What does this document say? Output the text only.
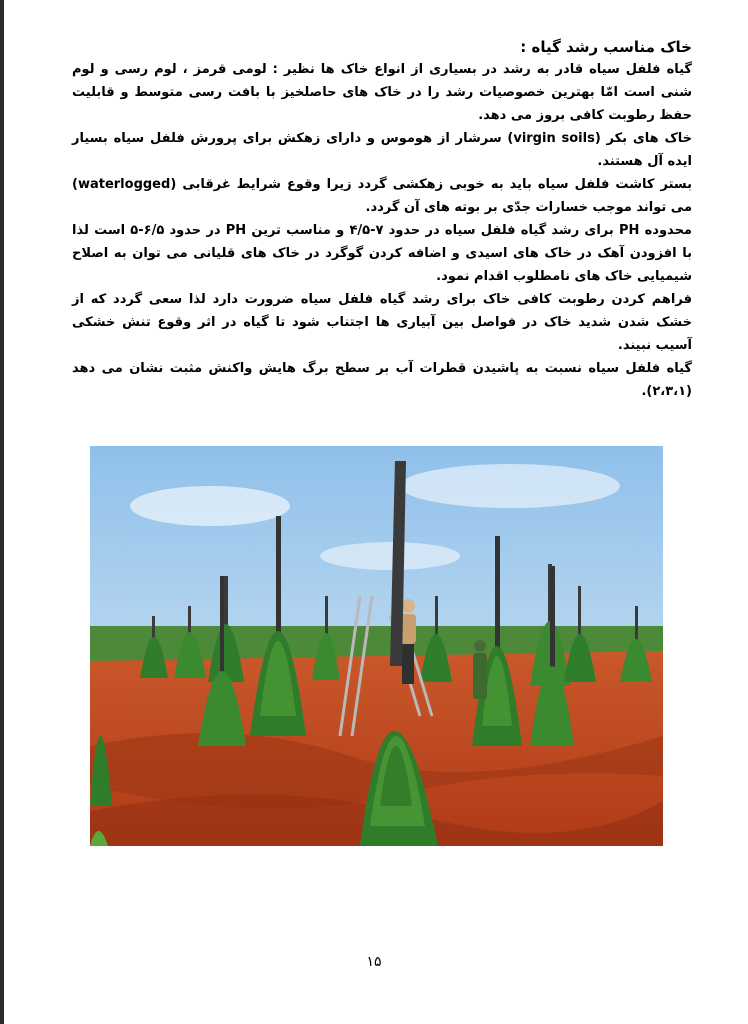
خاک مناسب رشد گیاه :

گیاه فلفل سیاه قادر به رشد در بسیاری از انواع خاک ها نظیر : لومی قرمز ، لوم رسی و لوم شنی است امّا بهترین خصوصیات رشد را در خاک های حاصلخیز با بافت رسی متوسط و قابلیت حفظ رطوبت کافی بروز می دهد.

خاک های بکر (virgin soils) سرشار از هوموس و دارای زهکش برای پرورش فلفل سیاه بسیار ایده آل هستند.

بستر کاشت فلفل سیاه باید به خوبی زهکشی گردد زیرا وقوع شرایط غرقابی (waterlogged) می تواند موجب خسارات جدّی بر بوته های آن گردد.

محدوده PH برای رشد گیاه فلفل سیاه در حدود ۷-۴/۵ و مناسب ترین PH در حدود ۶/۵-۵ است لذا با افزودن آهک در خاک های اسیدی و اضافه کردن گوگرد در خاک های قلیانی می توان به اصلاح شیمیایی خاک های نامطلوب اقدام نمود.

فراهم کردن رطوبت کافی خاک برای رشد گیاه فلفل سیاه ضرورت دارد لذا سعی گردد که از خشک شدن شدید خاک در فواصل بین آبیاری ها اجتناب شود تا گیاه در اثر وقوع تنش خشکی آسیب نبیند.

گیاه فلفل سیاه نسبت به پاشیدن قطرات آب بر سطح برگ هایش واکنش مثبت نشان می دهد (۲،۳،۱).

۱۵
